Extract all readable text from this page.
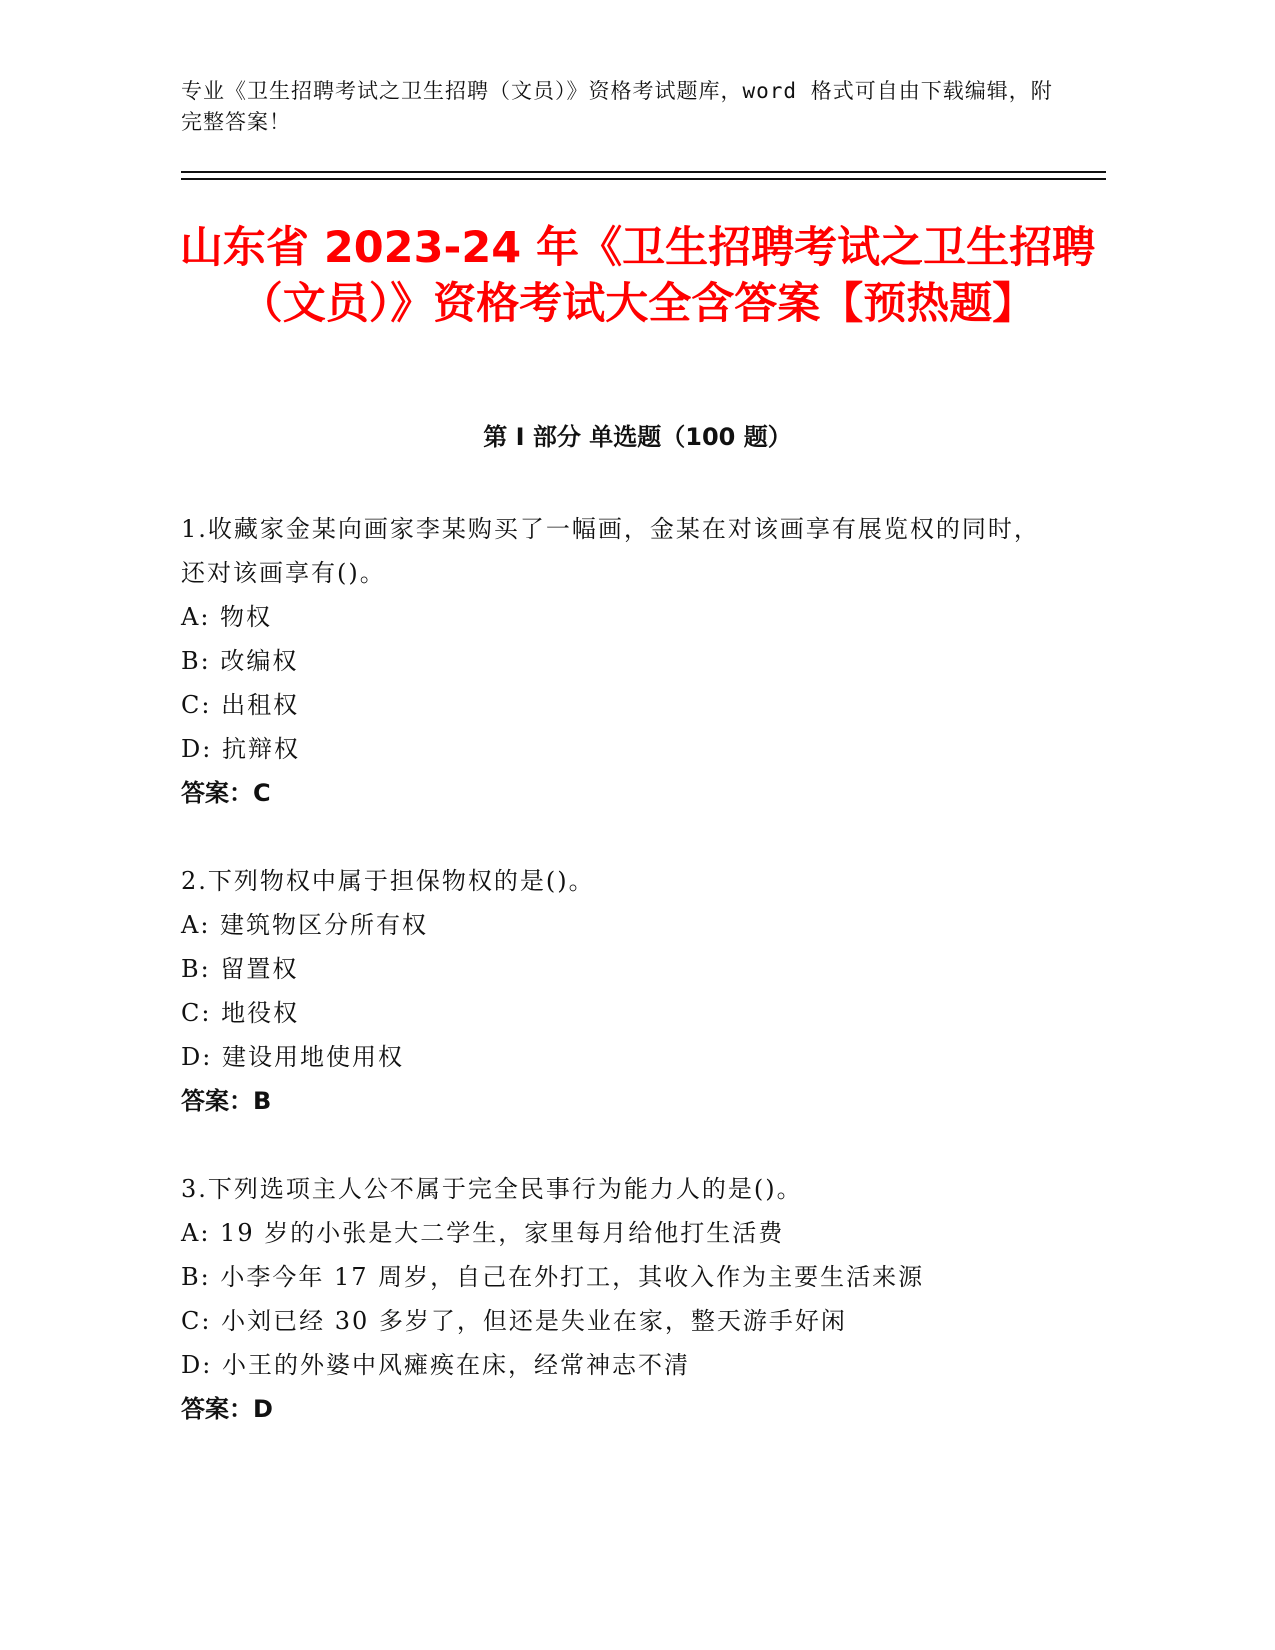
专业《卫生招聘考试之卫生招聘（文员）》资格考试题库，word 格式可自由下载编辑，附完整答案！
山东省 2023-24 年《卫生招聘考试之卫生招聘（文员）》资格考试大全含答案【预热题】
第 I 部分 单选题（100 题）
1.收藏家金某向画家李某购买了一幅画，金某在对该画享有展览权的同时，还对该画享有()。
A: 物权
B: 改编权
C: 出租权
D: 抗辩权
答案：C
2.下列物权中属于担保物权的是()。
A: 建筑物区分所有权
B: 留置权
C: 地役权
D: 建设用地使用权
答案：B
3.下列选项主人公不属于完全民事行为能力人的是()。
A: 19 岁的小张是大二学生，家里每月给他打生活费
B: 小李今年 17 周岁，自己在外打工，其收入作为主要生活来源
C: 小刘已经 30 多岁了，但还是失业在家，整天游手好闲
D: 小王的外婆中风瘫痪在床，经常神志不清
答案：D
